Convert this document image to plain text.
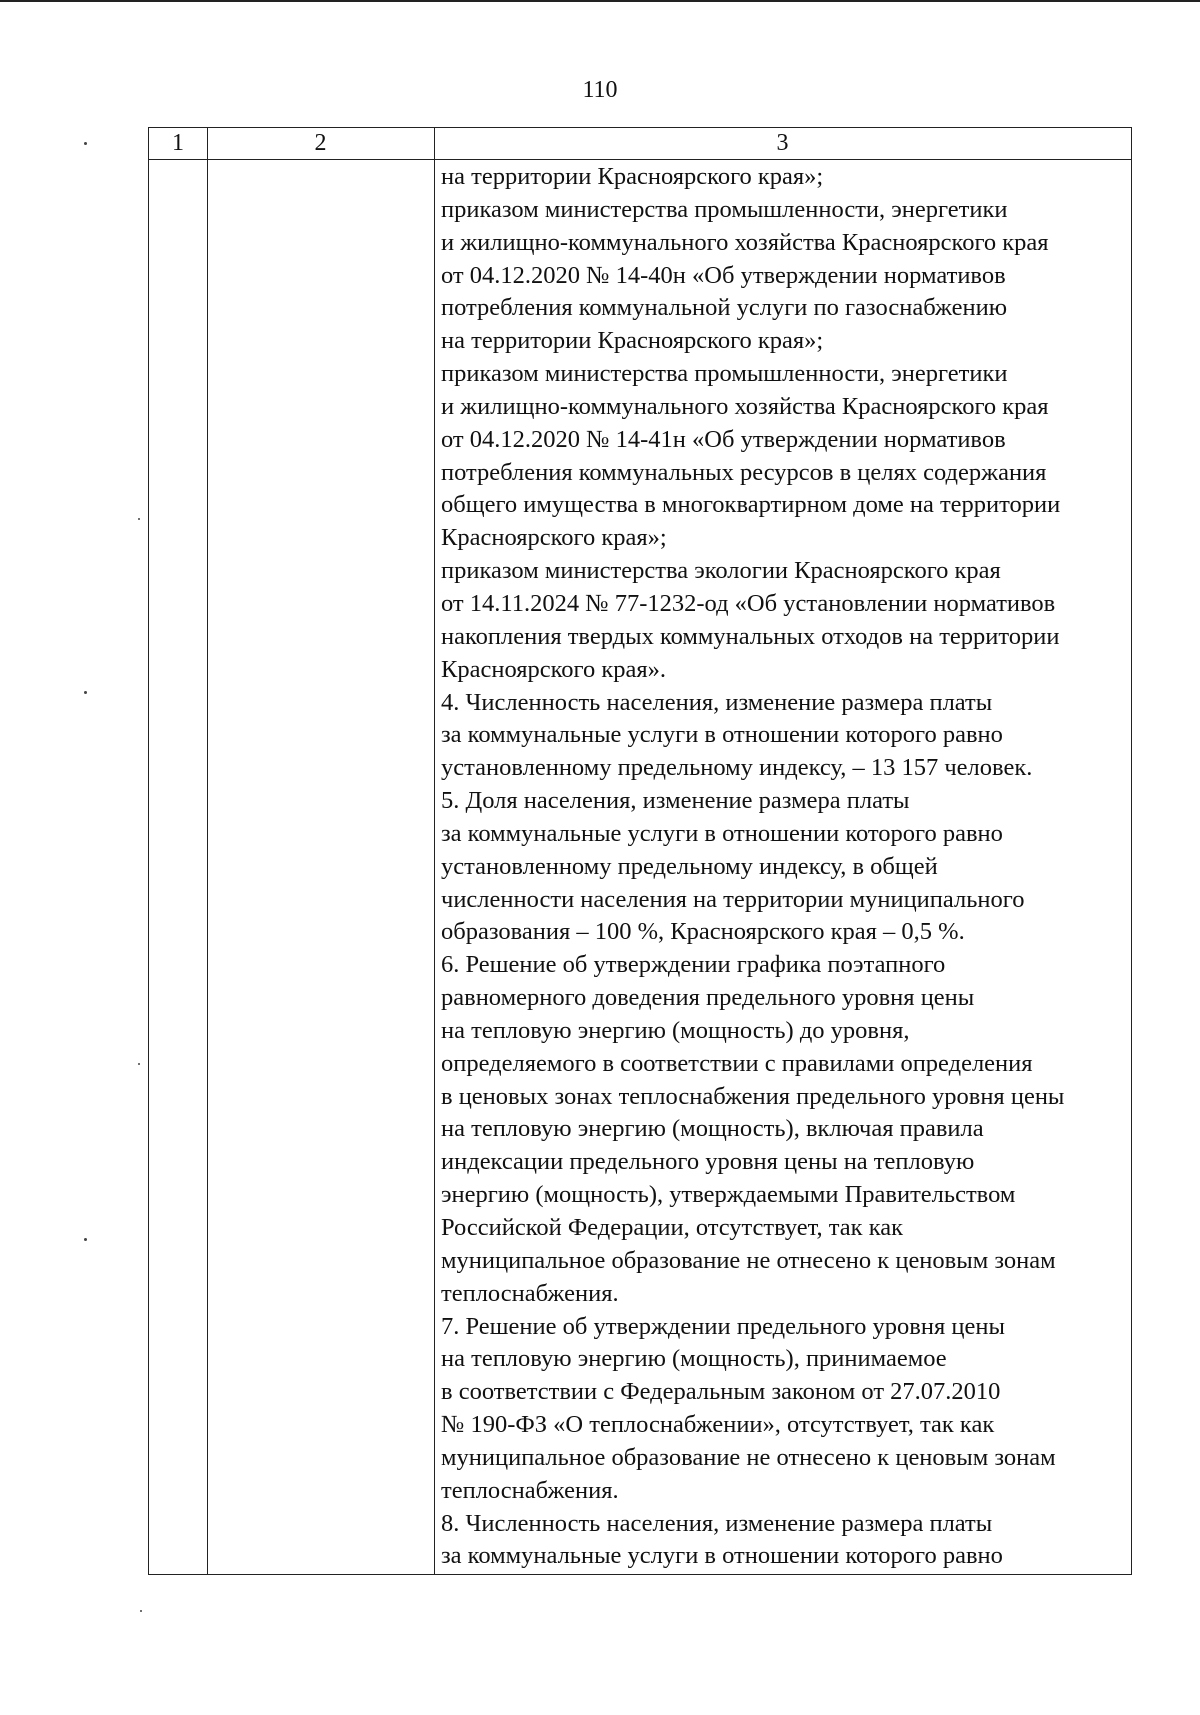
110
1	2	3
на территории Красноярского края»;
приказом министерства промышленности, энергетики
и жилищно-коммунального хозяйства Красноярского края
от 04.12.2020 № 14-40н «Об утверждении нормативов
потребления коммунальной услуги по газоснабжению
на территории Красноярского края»;
приказом министерства промышленности, энергетики
и жилищно-коммунального хозяйства Красноярского края
от 04.12.2020 № 14-41н «Об утверждении нормативов
потребления коммунальных ресурсов в целях содержания
общего имущества в многоквартирном доме на территории
Красноярского края»;
приказом министерства экологии Красноярского края
от 14.11.2024 № 77-1232-од «Об установлении нормативов
накопления твердых коммунальных отходов на территории
Красноярского края».
4. Численность населения, изменение размера платы
за коммунальные услуги в отношении которого равно
установленному предельному индексу, – 13 157 человек.
5. Доля населения, изменение размера платы
за коммунальные услуги в отношении которого равно
установленному предельному индексу, в общей
численности населения на территории муниципального
образования – 100 %, Красноярского края – 0,5 %.
6. Решение об утверждении графика поэтапного
равномерного доведения предельного уровня цены
на тепловую энергию (мощность) до уровня,
определяемого в соответствии с правилами определения
в ценовых зонах теплоснабжения предельного уровня цены
на тепловую энергию (мощность), включая правила
индексации предельного уровня цены на тепловую
энергию (мощность), утверждаемыми Правительством
Российской Федерации, отсутствует, так как
муниципальное образование не отнесено к ценовым зонам
теплоснабжения.
7. Решение об утверждении предельного уровня цены
на тепловую энергию (мощность), принимаемое
в соответствии с Федеральным законом от 27.07.2010
№ 190-ФЗ «О теплоснабжении», отсутствует, так как
муниципальное образование не отнесено к ценовым зонам
теплоснабжения.
8. Численность населения, изменение размера платы
за коммунальные услуги в отношении которого равно
